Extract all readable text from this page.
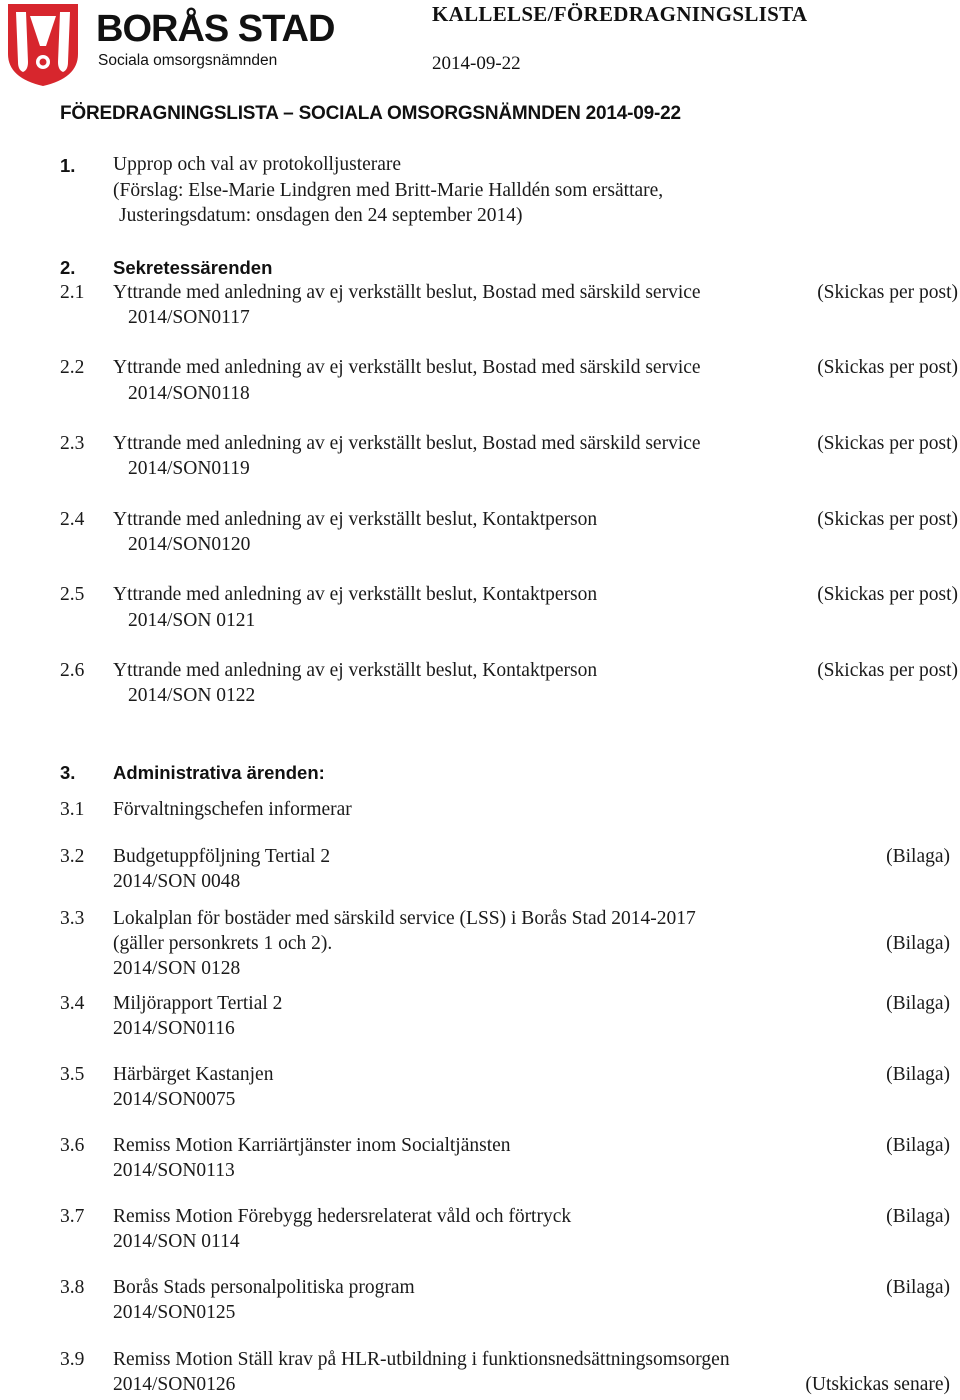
BORÅS STAD
Sociala omsorgsnämnden
KALLELSE/FÖREDRAGNINGSLISTA
2014-09-22
FÖREDRAGNINGSLISTA – SOCIALA OMSORGSNÄMNDEN 2014-09-22
1. Upprop och val av protokolljusterare
(Förslag: Else-Marie Lindgren med Britt-Marie Halldén som ersättare,
Justeringsdatum: onsdagen den 24 september 2014)
2. Sekretessärenden
2.1 Yttrande med anledning av ej verkställt beslut, Bostad med särskild service	(Skickas per post)
2014/SON0117
2.2 Yttrande med anledning av ej verkställt beslut, Bostad med särskild service	(Skickas per post)
2014/SON0118
2.3 Yttrande med anledning av ej verkställt beslut, Bostad med särskild service	(Skickas per post)
2014/SON0119
2.4 Yttrande med anledning av ej verkställt beslut, Kontaktperson	(Skickas per post)
2014/SON0120
2.5 Yttrande med anledning av ej verkställt beslut, Kontaktperson	(Skickas per post)
2014/SON 0121
2.6 Yttrande med anledning av ej verkställt beslut, Kontaktperson	(Skickas per post)
2014/SON 0122
3. Administrativa ärenden:
3.1 Förvaltningschefen informerar
3.2 Budgetuppföljning Tertial 2	(Bilaga)
2014/SON 0048
3.3 Lokalplan för bostäder med särskild service (LSS) i Borås Stad 2014-2017
(gäller personkrets 1 och 2).	(Bilaga)
2014/SON 0128
3.4 Miljörapport Tertial 2	(Bilaga)
2014/SON0116
3.5 Härbärget Kastanjen	(Bilaga)
2014/SON0075
3.6 Remiss Motion Karriärtjänster inom Socialtjänsten	(Bilaga)
2014/SON0113
3.7 Remiss Motion Förebygg hedersrelaterat våld och förtryck	(Bilaga)
2014/SON 0114
3.8 Borås Stads personalpolitiska program	(Bilaga)
2014/SON0125
3.9 Remiss Motion Ställ krav på HLR-utbildning i funktionsnedsättningsomsorgen
2014/SON0126	(Utskickas senare)
